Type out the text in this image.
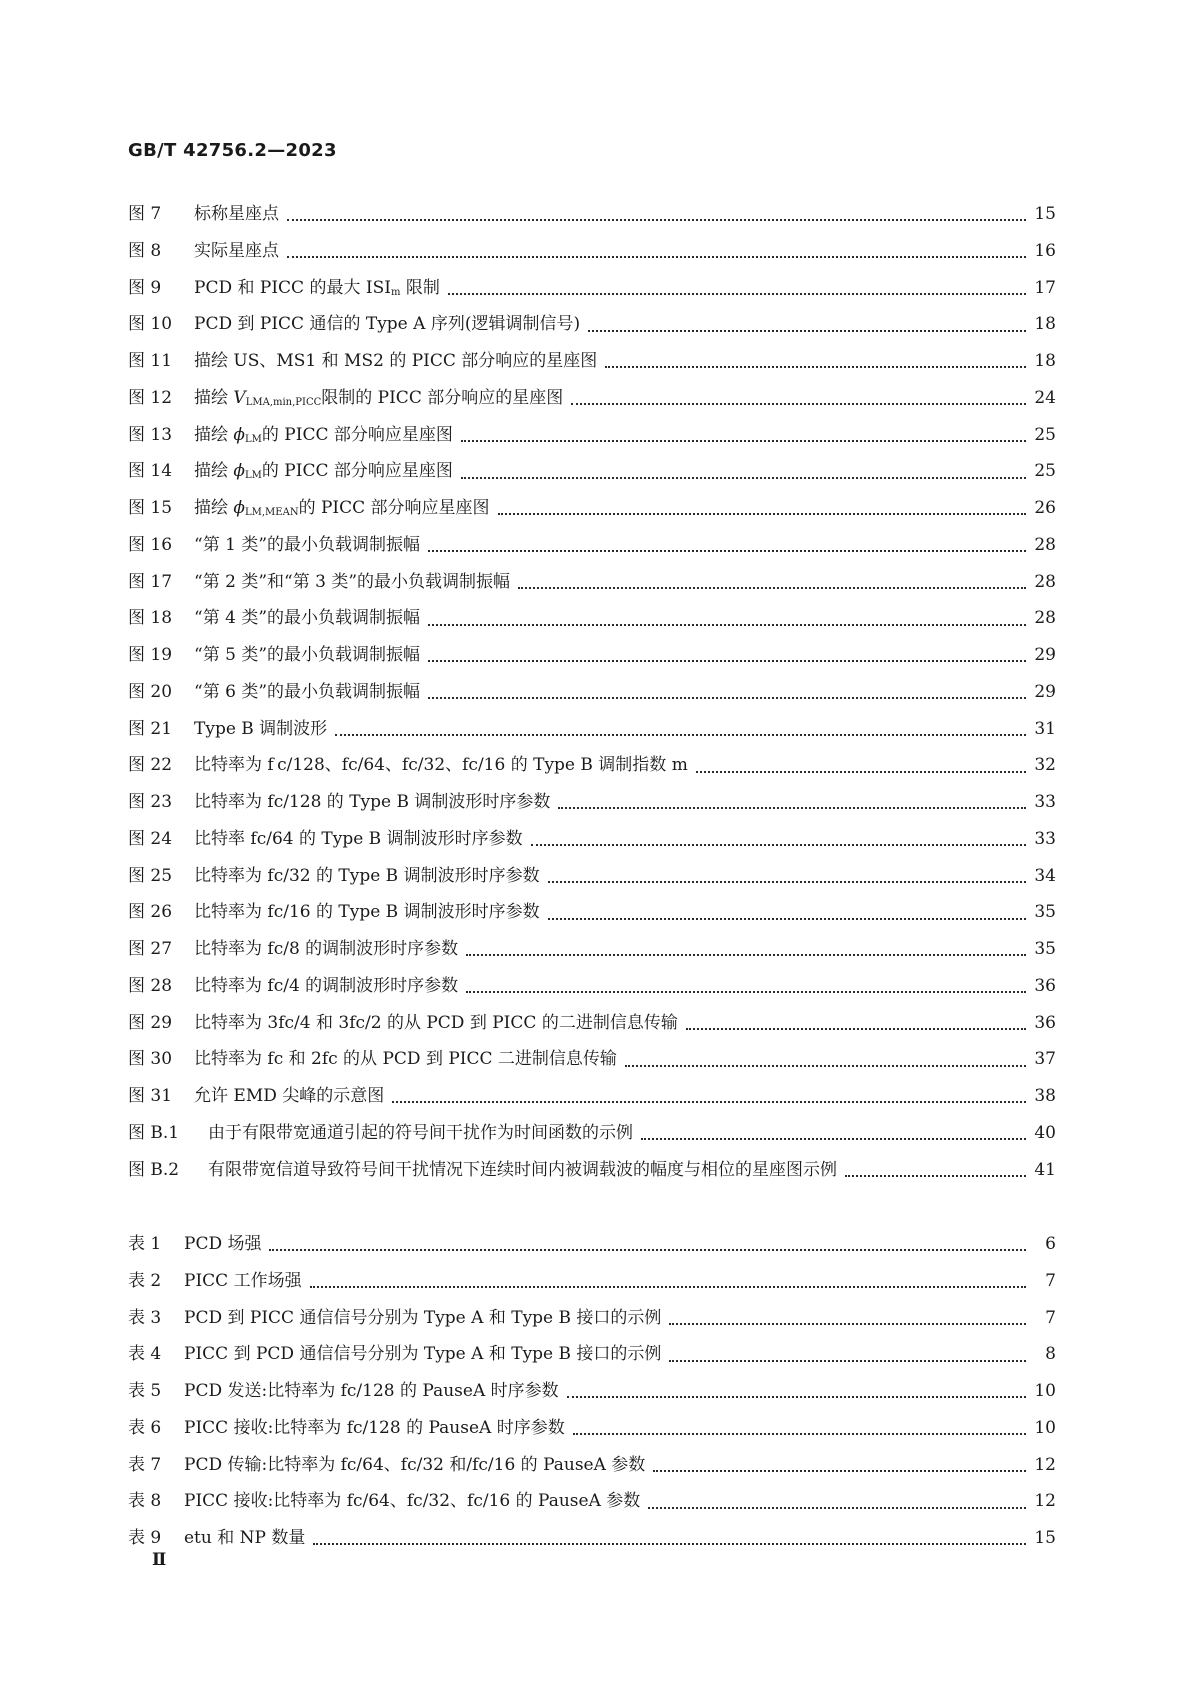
GB/T 42756.2—2023
图 7	标称星座点	15
图 8	实际星座点	16
图 9	PCD 和 PICC 的最大 $ISI_m$ 限制	17
图 10	PCD 到 PICC 通信的 Type A 序列(逻辑调制信号)	18
图 11	描绘 US、MS1 和 MS2 的 PICC 部分响应的星座图	18
图 12	描绘 $V_{LMA,min,PICC}$限制的 PICC 部分响应的星座图	24
图 13	描绘 $\phi_{LM}$的 PICC 部分响应星座图	25
图 14	描绘 $\phi_{LM}$的 PICC 部分响应星座图	25
图 15	描绘 $\phi_{LM,MEAN}$的 PICC 部分响应星座图	26
图 16	“第 1 类”的最小负载调制振幅	28
图 17	“第 2 类”和“第 3 类”的最小负载调制振幅	28
图 18	“第 4 类”的最小负载调制振幅	28
图 19	“第 5 类”的最小负载调制振幅	29
图 20	“第 6 类”的最小负载调制振幅	29
图 21	Type B 调制波形	31
图 22	比特率为 f c/128、fc/64、fc/32、fc/16 的 Type B 调制指数 m	32
图 23	比特率为 fc/128 的 Type B 调制波形时序参数	33
图 24	比特率 fc/64 的 Type B 调制波形时序参数	33
图 25	比特率为 fc/32 的 Type B 调制波形时序参数	34
图 26	比特率为 fc/16 的 Type B 调制波形时序参数	35
图 27	比特率为 fc/8 的调制波形时序参数	35
图 28	比特率为 fc/4 的调制波形时序参数	36
图 29	比特率为 3fc/4 和 3fc/2 的从 PCD 到 PICC 的二进制信息传输	36
图 30	比特率为 fc 和 2fc 的从 PCD 到 PICC 二进制信息传输	37
图 31	允许 EMD 尖峰的示意图	38
图 B.1	由于有限带宽通道引起的符号间干扰作为时间函数的示例	40
图 B.2	有限带宽信道导致符号间干扰情况下连续时间内被调载波的幅度与相位的星座图示例	41
表 1	PCD 场强	6
表 2	PICC 工作场强	7
表 3	PCD 到 PICC 通信信号分别为 Type A 和 Type B 接口的示例	7
表 4	PICC 到 PCD 通信信号分别为 Type A 和 Type B 接口的示例	8
表 5	PCD 发送:比特率为 fc/128 的 PauseA 时序参数	10
表 6	PICC 接收:比特率为 fc/128 的 PauseA 时序参数	10
表 7	PCD 传输:比特率为 fc/64、fc/32 和/fc/16 的 PauseA 参数	12
表 8	PICC 接收:比特率为 fc/64、fc/32、fc/16 的 PauseA 参数	12
表 9	etu 和 NP 数量	15
Ⅱ
